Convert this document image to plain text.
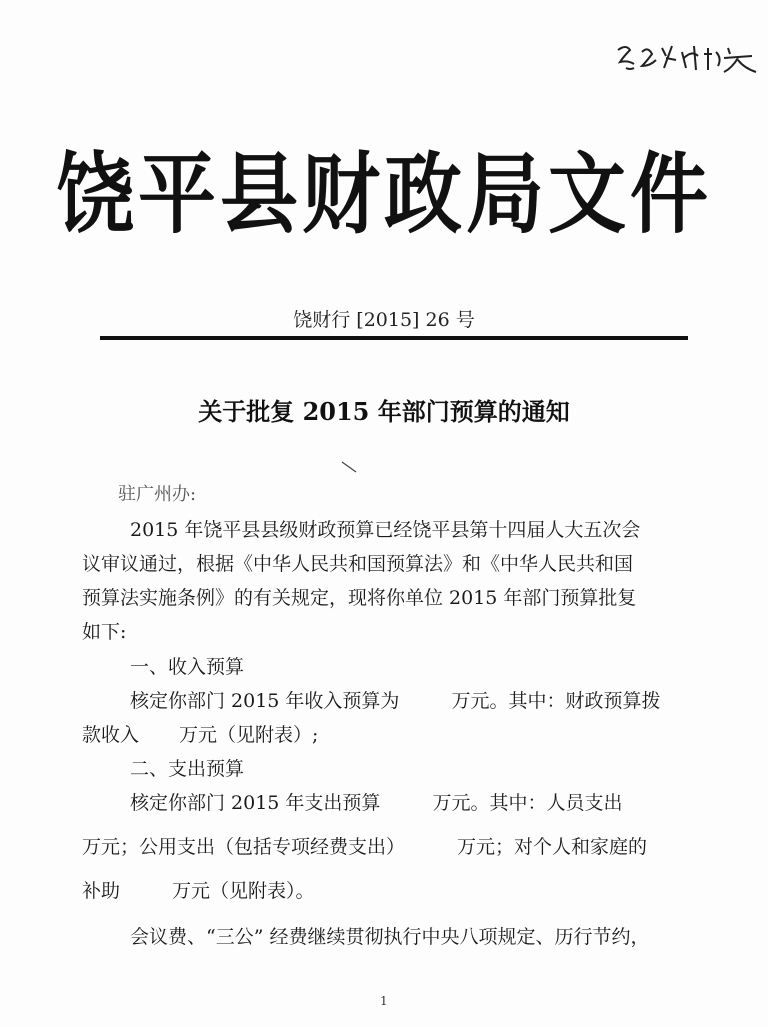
饶平县财政局文件
饶财行 [2015] 26 号
关于批复 2015 年部门预算的通知
驻广州办:
2015 年饶平县县级财政预算已经饶平县第十四届人大五次会
议审议通过，根据《中华人民共和国预算法》和《中华人民共和国
预算法实施条例》的有关规定，现将你单位 2015 年部门预算批复
如下:
一、收入预算
核定你部门 2015 年收入预算为	万元。其中：财政预算拨
款收入 万元（见附表）;
二、支出预算
核定你部门 2015 年支出预算	万元。其中：人员支出
万元；公用支出（包括专项经费支出）	万元；对个人和家庭的
补助	万元（见附表）。
会议费、“三公” 经费继续贯彻执行中央八项规定、历行节约，
1
